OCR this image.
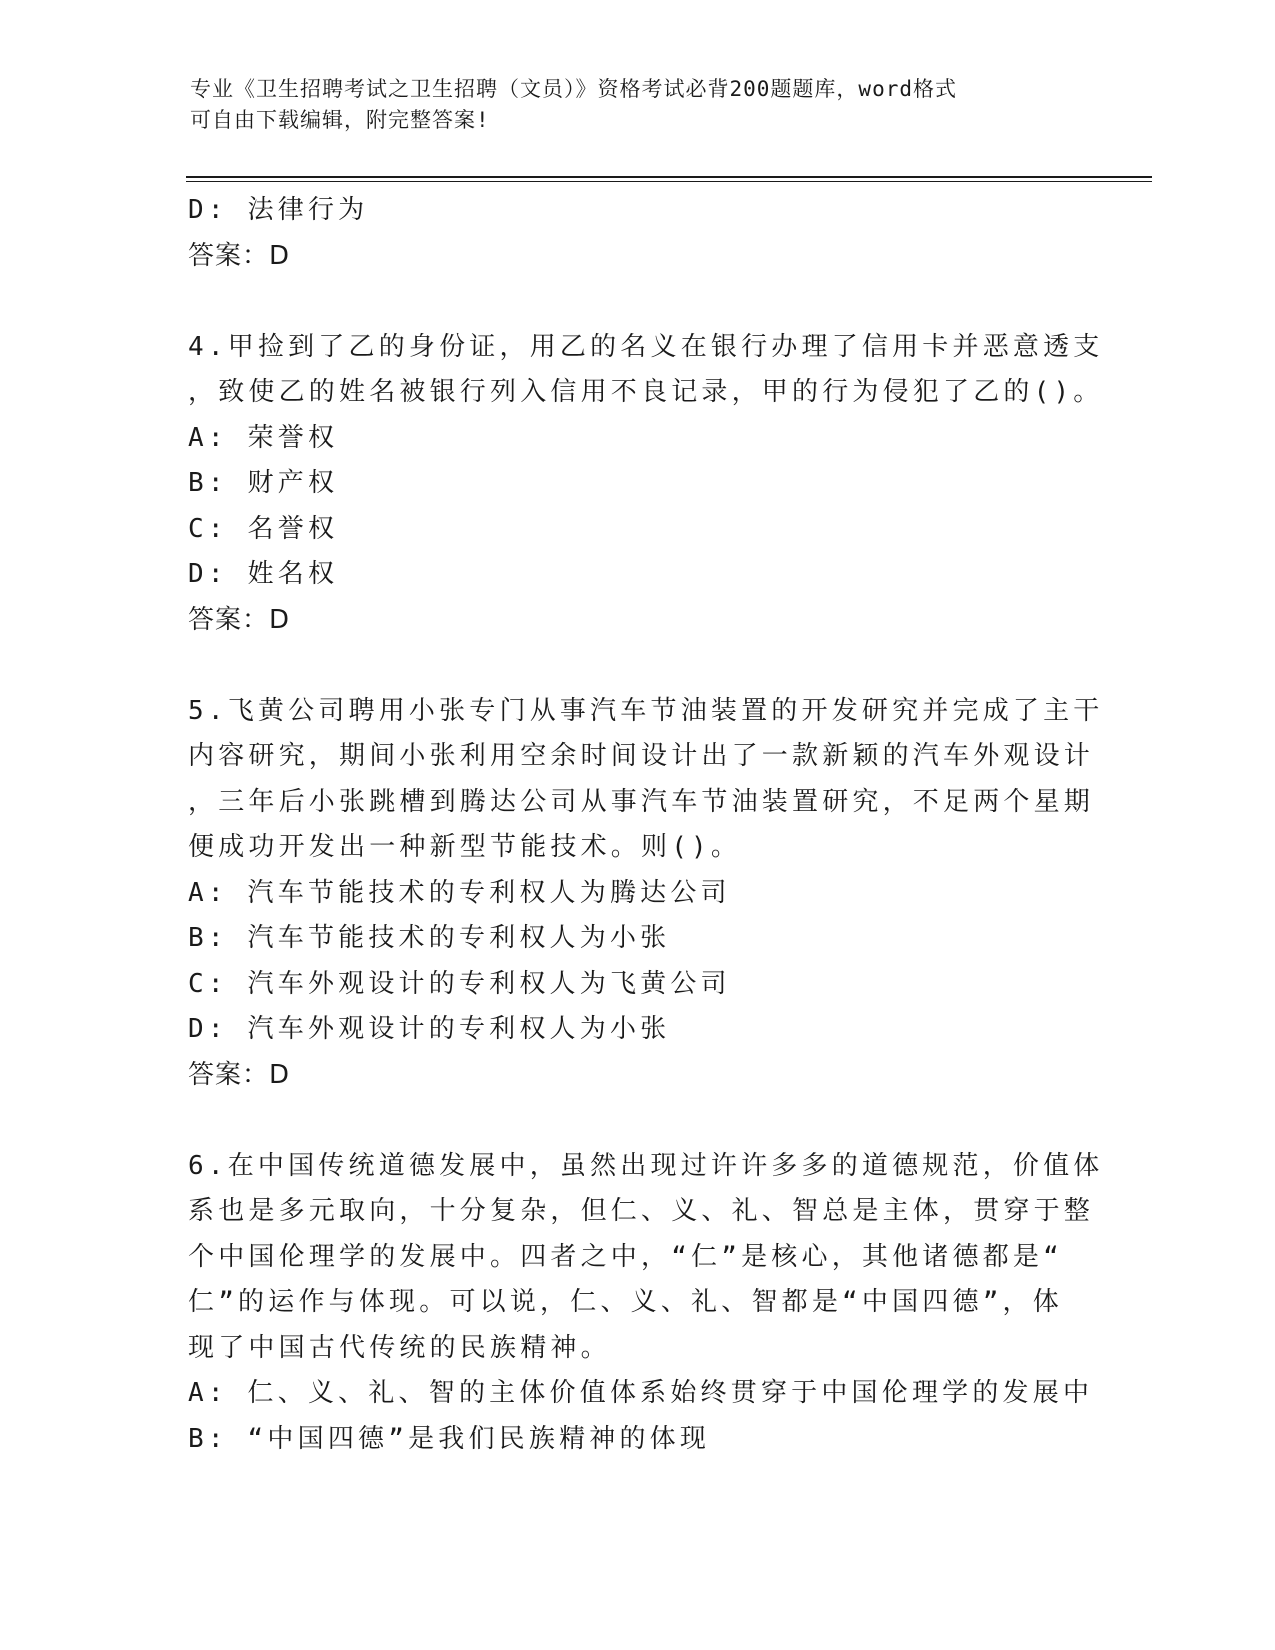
专业《卫生招聘考试之卫生招聘（文员）》资格考试必背200题题库，word格式
可自由下载编辑，附完整答案!

D: 法律行为

答案：D

4.甲捡到了乙的身份证，用乙的名义在银行办理了信用卡并恶意透支

，致使乙的姓名被银行列入信用不良记录，甲的行为侵犯了乙的()。

A: 荣誉权

B: 财产权

C: 名誉权

D: 姓名权

答案：D

5.飞黄公司聘用小张专门从事汽车节油装置的开发研究并完成了主干

内容研究，期间小张利用空余时间设计出了一款新颖的汽车外观设计

，三年后小张跳槽到腾达公司从事汽车节油装置研究，不足两个星期

便成功开发出一种新型节能技术。则()。

A: 汽车节能技术的专利权人为腾达公司

B: 汽车节能技术的专利权人为小张

C: 汽车外观设计的专利权人为飞黄公司

D: 汽车外观设计的专利权人为小张

答案：D

6.在中国传统道德发展中，虽然出现过许许多多的道德规范，价值体

系也是多元取向，十分复杂，但仁、义、礼、智总是主体，贯穿于整

个中国伦理学的发展中。四者之中，“仁”是核心，其他诸德都是“

仁”的运作与体现。可以说，仁、义、礼、智都是“中国四德”，体

现了中国古代传统的民族精神。

A: 仁、义、礼、智的主体价值体系始终贯穿于中国伦理学的发展中

B: “中国四德”是我们民族精神的体现
